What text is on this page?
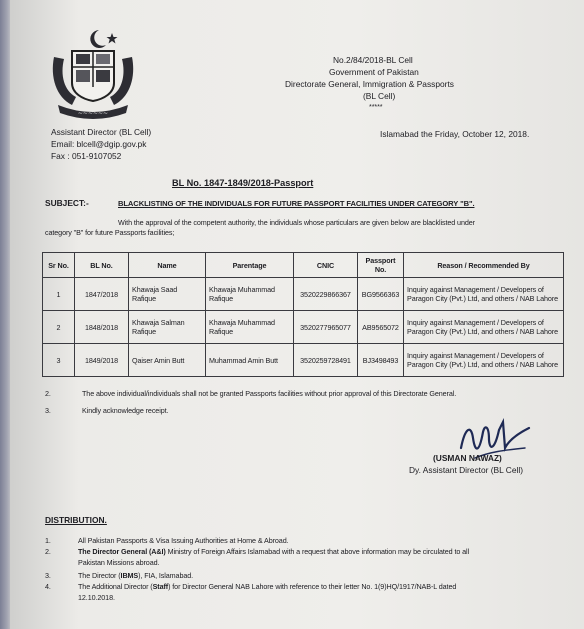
~~~~~~
No.2/84/2018-BL Cell
Government of Pakistan
Directorate General, Immigration & Passports
(BL Cell)
*****
Assistant Director (BL Cell)
Email: blcell@dgip.gov.pk
Fax : 051-9107052
Islamabad the Friday, October 12, 2018.
BL No. 1847-1849/2018-Passport
SUBJECT:-	BLACKLISTING OF THE INDIVIDUALS FOR FUTURE PASSPORT FACILITIES UNDER CATEGORY "B".
With the approval of the competent authority, the individuals whose particulars are given below are blacklisted under
category "B" for future Passports facilities;
Sr No.	BL No.	Name	Parentage	CNIC	Passport No.	Reason / Recommended By
1	1847/2018	Khawaja Saad Rafique	Khawaja Muhammad Rafique	3520229866367	BG9566363	Inquiry against Management / Developers of Paragon City (Pvt.) Ltd, and others / NAB Lahore
2	1848/2018	Khawaja Salman Rafique	Khawaja Muhammad Rafique	3520277965077	AB9565072	Inquiry against Management / Developers of Paragon City (Pvt.) Ltd, and others / NAB Lahore
3	1849/2018	Qaiser Amin Butt	Muhammad Amin Butt	3520259728491	BJ3498493	Inquiry against Management / Developers of Paragon City (Pvt.) Ltd, and others / NAB Lahore
2.	The above individual/individuals shall not be granted Passports facilities without prior approval of this Directorate General.
3.	Kindly acknowledge receipt.
(USMAN NAWAZ)
Dy. Assistant Director (BL Cell)
DISTRIBUTION.
1.	All Pakistan Passports & Visa Issuing Authorities at Home & Abroad.
2.	The Director General (A&I) Ministry of Foreign Affairs Islamabad with a request that above information may be circulated to all
Pakistan Missions abroad.
3.	The Director (IBMS), FIA, Islamabad.
4.	The Additional Director (Staff) for Director General NAB Lahore with reference to their letter No. 1(9)HQ/1917/NAB-L dated
12.10.2018.
